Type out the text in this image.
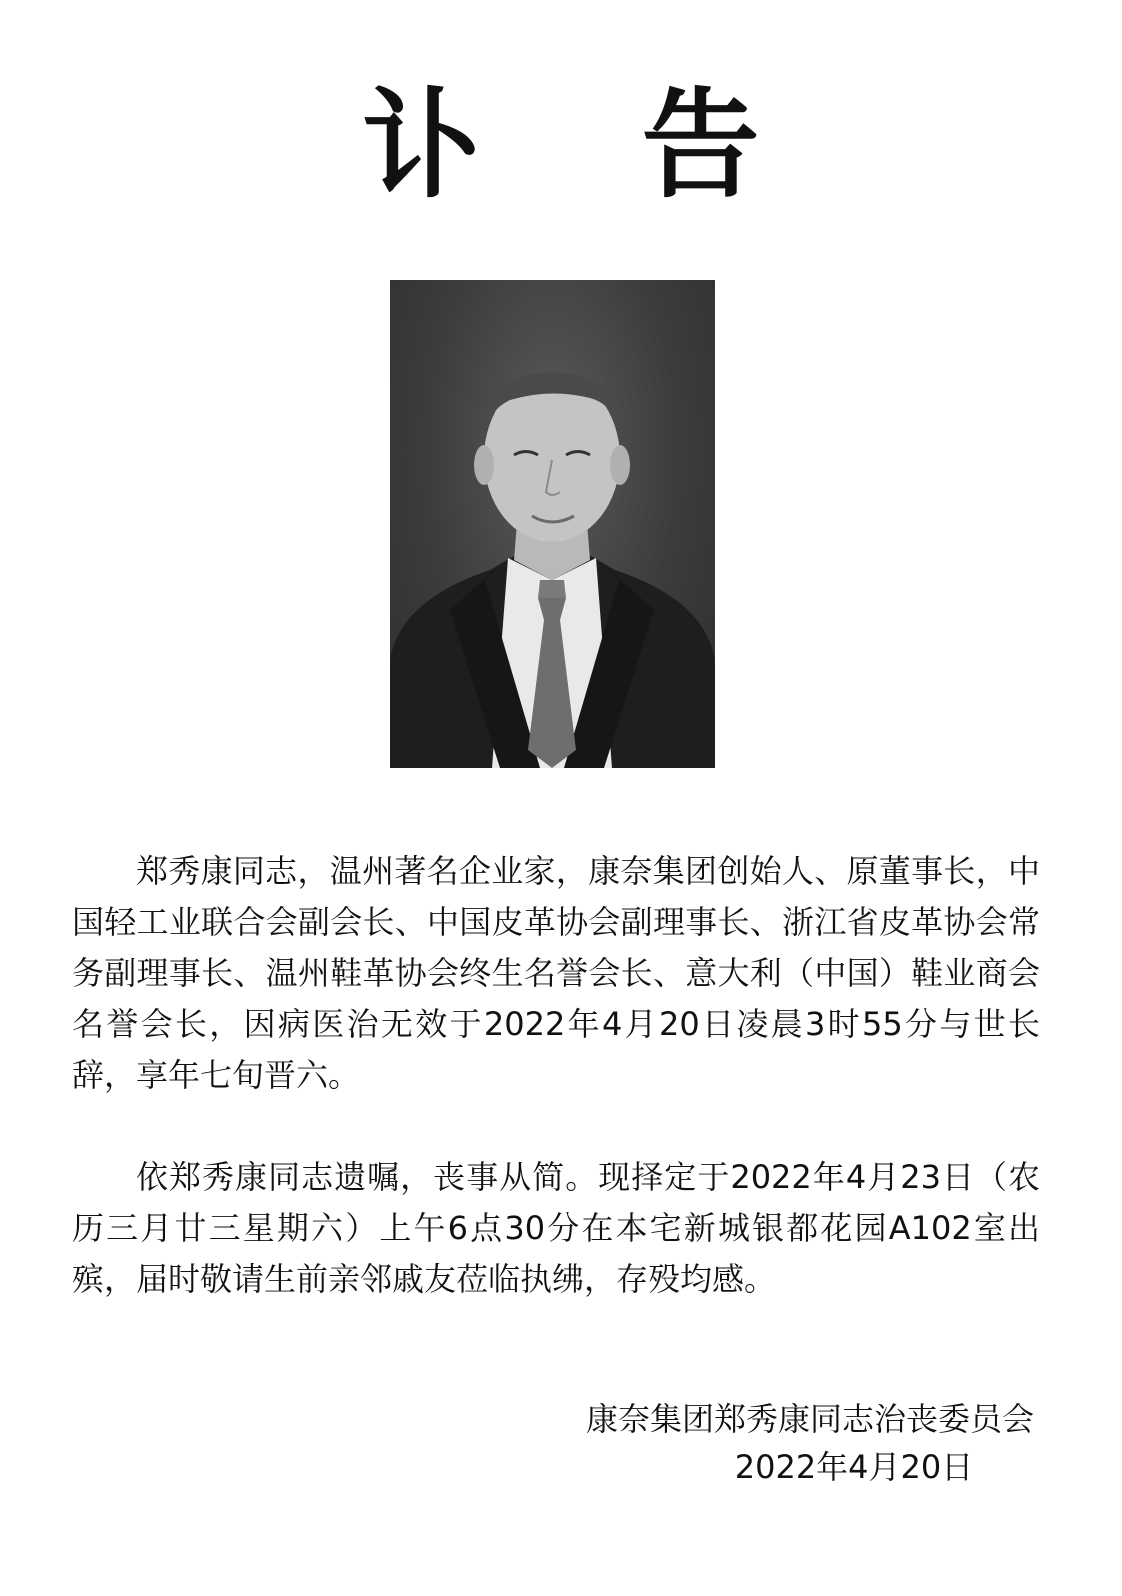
讣 告

郑秀康同志，温州著名企业家，康奈集团创始人、原董事长，中国轻工业联合会副会长、中国皮革协会副理事长、浙江省皮革协会常务副理事长、温州鞋革协会终生名誉会长、意大利（中国）鞋业商会名誉会长，因病医治无效于2022年4月20日凌晨3时55分与世长辞，享年七旬晋六。

依郑秀康同志遗嘱，丧事从简。现择定于2022年4月23日（农历三月廿三星期六）上午6点30分在本宅新城银都花园A102室出殡，届时敬请生前亲邻戚友莅临执绋，存殁均感。

康奈集团郑秀康同志治丧委员会
2022年4月20日
